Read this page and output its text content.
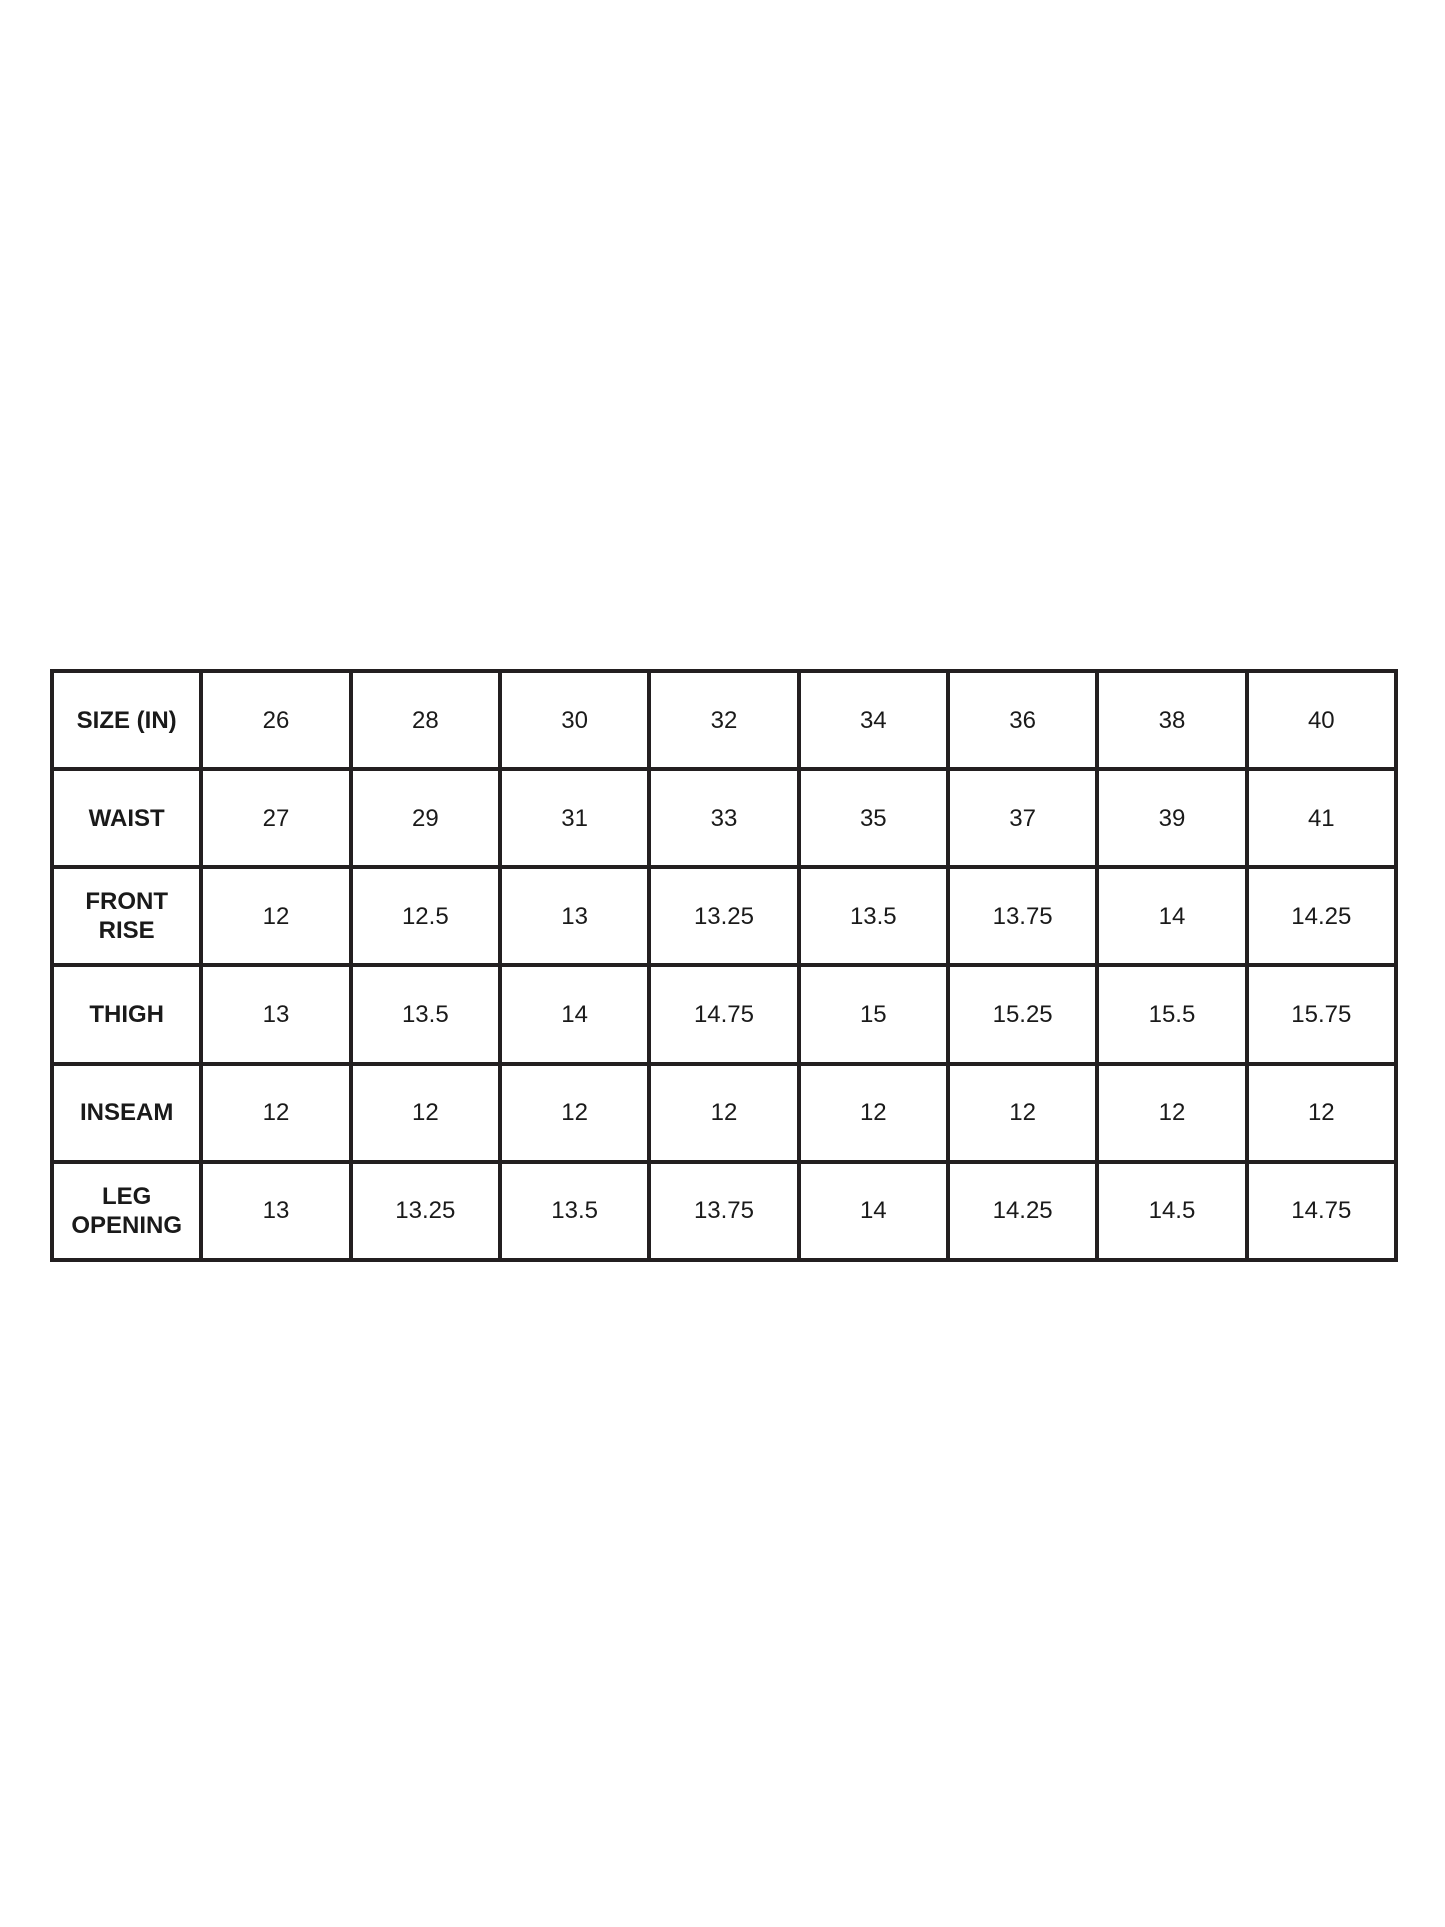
SIZE (IN)	26	28	30	32	34	36	38	40
WAIST	27	29	31	33	35	37	39	41
FRONT RISE	12	12.5	13	13.25	13.5	13.75	14	14.25
THIGH	13	13.5	14	14.75	15	15.25	15.5	15.75
INSEAM	12	12	12	12	12	12	12	12
LEG OPENING	13	13.25	13.5	13.75	14	14.25	14.5	14.75
